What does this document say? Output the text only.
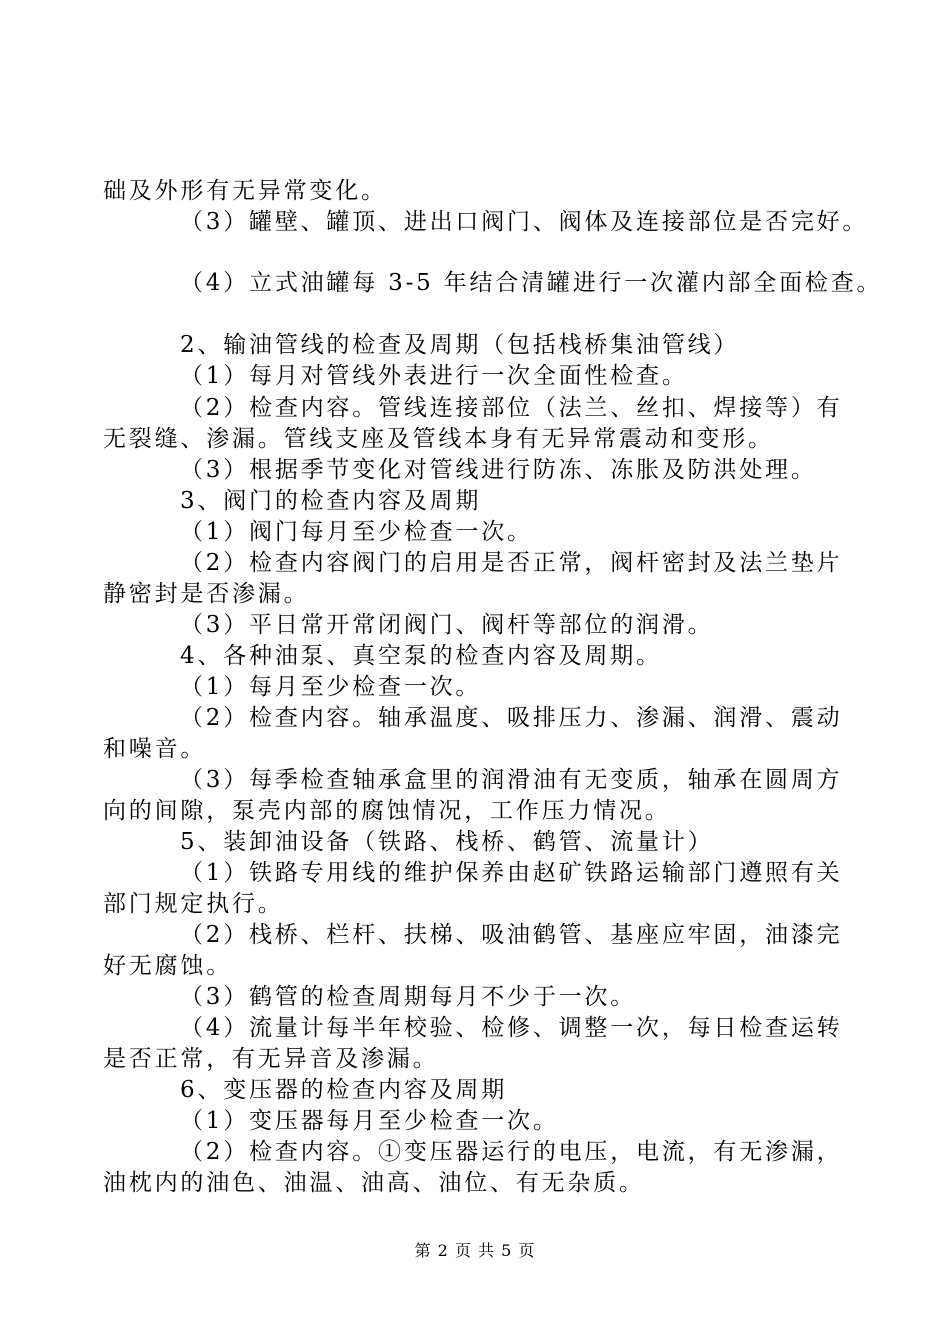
础及外形有无异常变化。
（3）罐壁、罐顶、进出口阀门、阀体及连接部位是否完好。
（4）立式油罐每 3-5 年结合清罐进行一次灌内部全面检查。
2、输油管线的检查及周期（包括栈桥集油管线）
（1）每月对管线外表进行一次全面性检查。
（2）检查内容。管线连接部位（法兰、丝扣、焊接等）有
无裂缝、渗漏。管线支座及管线本身有无异常震动和变形。
（3）根据季节变化对管线进行防冻、冻胀及防洪处理。
3、阀门的检查内容及周期
（1）阀门每月至少检查一次。
（2）检查内容阀门的启用是否正常，阀杆密封及法兰垫片
静密封是否渗漏。
（3）平日常开常闭阀门、阀杆等部位的润滑。
4、各种油泵、真空泵的检查内容及周期。
（1）每月至少检查一次。
（2）检查内容。轴承温度、吸排压力、渗漏、润滑、震动
和噪音。
（3）每季检查轴承盒里的润滑油有无变质，轴承在圆周方
向的间隙，泵壳内部的腐蚀情况，工作压力情况。
5、装卸油设备（铁路、栈桥、鹤管、流量计）
（1）铁路专用线的维护保养由赵矿铁路运输部门遵照有关
部门规定执行。
（2）栈桥、栏杆、扶梯、吸油鹤管、基座应牢固，油漆完
好无腐蚀。
（3）鹤管的检查周期每月不少于一次。
（4）流量计每半年校验、检修、调整一次，每日检查运转
是否正常，有无异音及渗漏。
6、变压器的检查内容及周期
（1）变压器每月至少检查一次。
（2）检查内容。①变压器运行的电压，电流，有无渗漏，
油枕内的油色、油温、油高、油位、有无杂质。
第 2 页 共 5 页
